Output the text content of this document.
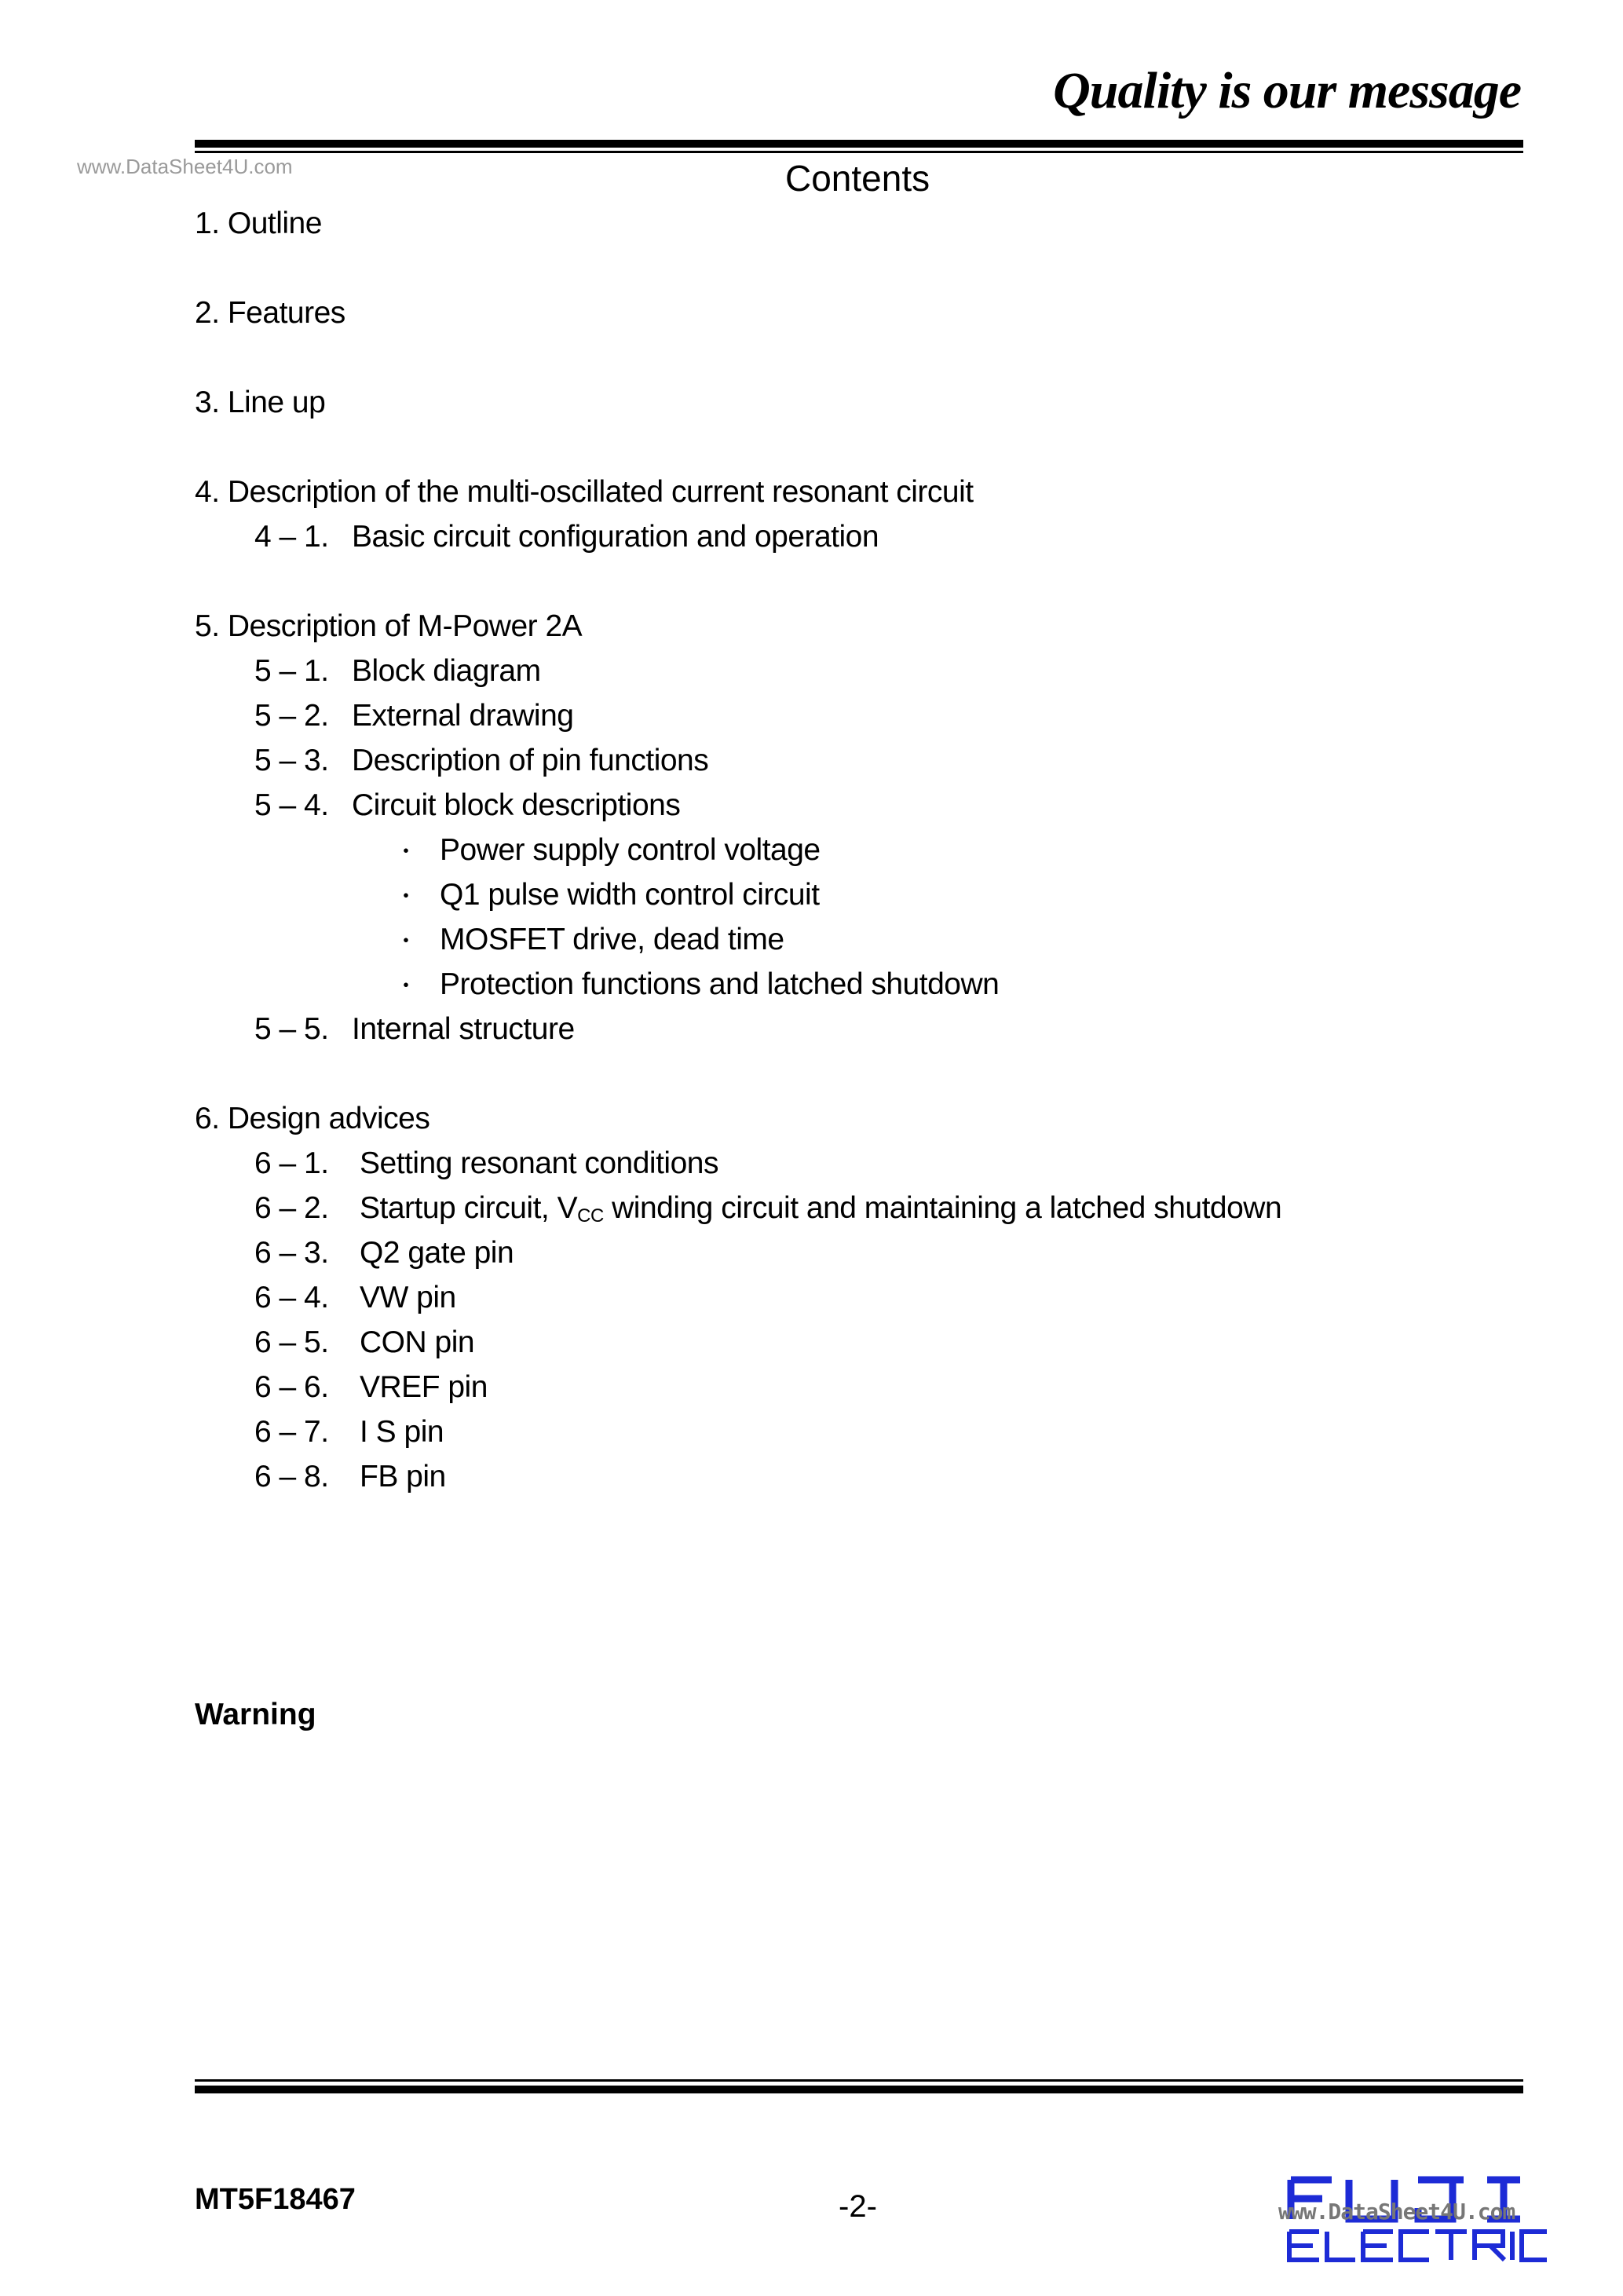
Quality is our message
www.DataSheet4U.com	Contents
1. Outline
2. Features
3. Line up
4. Description of the multi-oscillated current resonant circuit
4 – 1. Basic circuit configuration and operation
5. Description of M-Power 2A
5 – 1. Block diagram
5 – 2. External drawing
5 – 3. Description of pin functions
5 – 4. Circuit block descriptions
・ Power supply control voltage
・ Q1 pulse width control circuit
・ MOSFET drive, dead time
・ Protection functions and latched shutdown
5 – 5. Internal structure
6. Design advices
6 – 1. Setting resonant conditions
6 – 2. Startup circuit, $V_{CC}$ winding circuit and maintaining a latched shutdown
6 – 3. Q2 gate pin
6 – 4. VW pin
6 – 5. CON pin
6 – 6. VREF pin
6 – 7. I S pin
6 – 8. FB pin
Warning
MT5F18467	-2-	www.DataSheet4U.com
